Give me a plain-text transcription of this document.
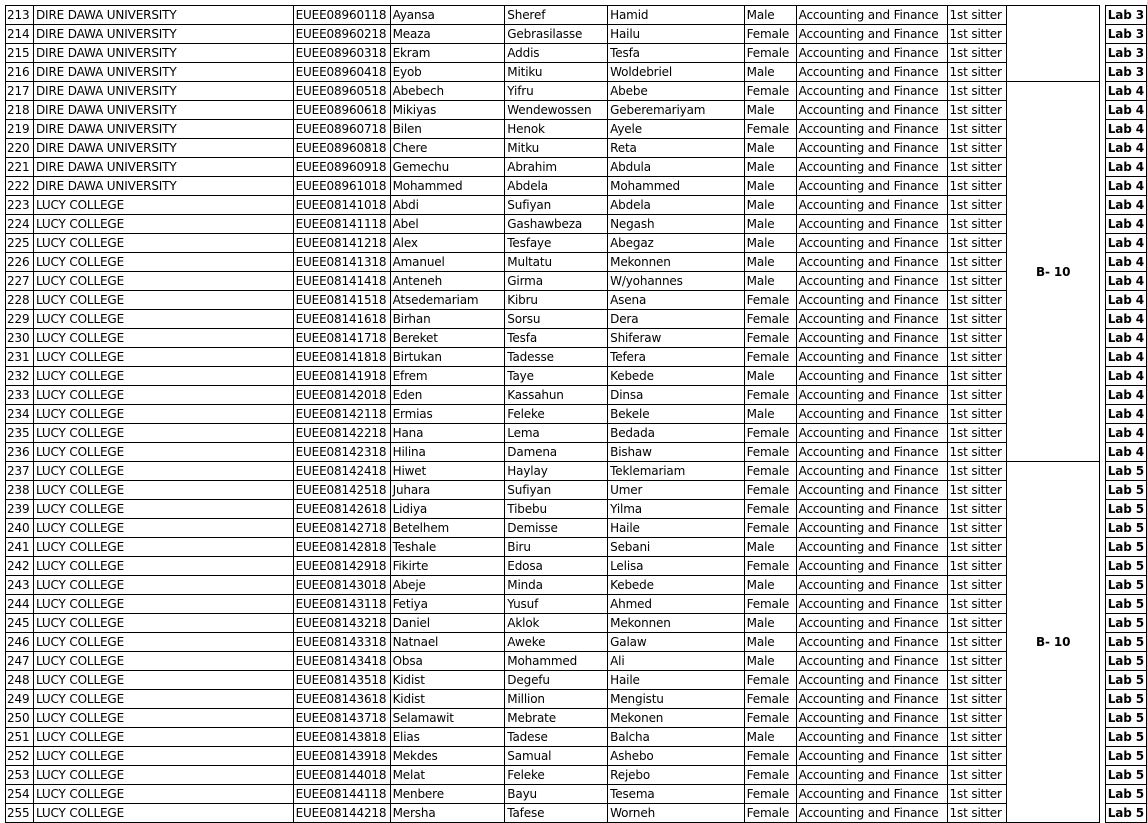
213	DIRE DAWA UNIVERSITY	EUEE08960118	Ayansa	Sheref	Hamid	Male	Accounting and Finance	1st sitter			Lab 3
214	DIRE DAWA UNIVERSITY	EUEE08960218	Meaza	Gebrasilasse	Hailu	Female	Accounting and Finance	1st sitter			Lab 3
215	DIRE DAWA UNIVERSITY	EUEE08960318	Ekram	Addis	Tesfa	Female	Accounting and Finance	1st sitter			Lab 3
216	DIRE DAWA UNIVERSITY	EUEE08960418	Eyob	Mitiku	Woldebriel	Male	Accounting and Finance	1st sitter			Lab 3
217	DIRE DAWA UNIVERSITY	EUEE08960518	Abebech	Yifru	Abebe	Female	Accounting and Finance	1st sitter	B- 10		Lab 4
218	DIRE DAWA UNIVERSITY	EUEE08960618	Mikiyas	Wendewossen	Geberemariyam	Male	Accounting and Finance	1st sitter			Lab 4
219	DIRE DAWA UNIVERSITY	EUEE08960718	Bilen	Henok	Ayele	Female	Accounting and Finance	1st sitter			Lab 4
220	DIRE DAWA UNIVERSITY	EUEE08960818	Chere	Mitku	Reta	Male	Accounting and Finance	1st sitter			Lab 4
221	DIRE DAWA UNIVERSITY	EUEE08960918	Gemechu	Abrahim	Abdula	Male	Accounting and Finance	1st sitter			Lab 4
222	DIRE DAWA UNIVERSITY	EUEE08961018	Mohammed	Abdela	Mohammed	Male	Accounting and Finance	1st sitter			Lab 4
223	LUCY COLLEGE	EUEE08141018	Abdi	Sufiyan	Abdela	Male	Accounting and Finance	1st sitter			Lab 4
224	LUCY COLLEGE	EUEE08141118	Abel	Gashawbeza	Negash	Male	Accounting and Finance	1st sitter			Lab 4
225	LUCY COLLEGE	EUEE08141218	Alex	Tesfaye	Abegaz	Male	Accounting and Finance	1st sitter			Lab 4
226	LUCY COLLEGE	EUEE08141318	Amanuel	Multatu	Mekonnen	Male	Accounting and Finance	1st sitter			Lab 4
227	LUCY COLLEGE	EUEE08141418	Anteneh	Girma	W/yohannes	Male	Accounting and Finance	1st sitter			Lab 4
228	LUCY COLLEGE	EUEE08141518	Atsedemariam	Kibru	Asena	Female	Accounting and Finance	1st sitter			Lab 4
229	LUCY COLLEGE	EUEE08141618	Birhan	Sorsu	Dera	Female	Accounting and Finance	1st sitter			Lab 4
230	LUCY COLLEGE	EUEE08141718	Bereket	Tesfa	Shiferaw	Female	Accounting and Finance	1st sitter			Lab 4
231	LUCY COLLEGE	EUEE08141818	Birtukan	Tadesse	Tefera	Female	Accounting and Finance	1st sitter			Lab 4
232	LUCY COLLEGE	EUEE08141918	Efrem	Taye	Kebede	Male	Accounting and Finance	1st sitter			Lab 4
233	LUCY COLLEGE	EUEE08142018	Eden	Kassahun	Dinsa	Female	Accounting and Finance	1st sitter			Lab 4
234	LUCY COLLEGE	EUEE08142118	Ermias	Feleke	Bekele	Male	Accounting and Finance	1st sitter			Lab 4
235	LUCY COLLEGE	EUEE08142218	Hana	Lema	Bedada	Female	Accounting and Finance	1st sitter			Lab 4
236	LUCY COLLEGE	EUEE08142318	Hilina	Damena	Bishaw	Female	Accounting and Finance	1st sitter			Lab 4
237	LUCY COLLEGE	EUEE08142418	Hiwet	Haylay	Teklemariam	Female	Accounting and Finance	1st sitter	B- 10		Lab 5
238	LUCY COLLEGE	EUEE08142518	Juhara	Sufiyan	Umer	Female	Accounting and Finance	1st sitter			Lab 5
239	LUCY COLLEGE	EUEE08142618	Lidiya	Tibebu	Yilma	Female	Accounting and Finance	1st sitter			Lab 5
240	LUCY COLLEGE	EUEE08142718	Betelhem	Demisse	Haile	Female	Accounting and Finance	1st sitter			Lab 5
241	LUCY COLLEGE	EUEE08142818	Teshale	Biru	Sebani	Male	Accounting and Finance	1st sitter			Lab 5
242	LUCY COLLEGE	EUEE08142918	Fikirte	Edosa	Lelisa	Female	Accounting and Finance	1st sitter			Lab 5
243	LUCY COLLEGE	EUEE08143018	Abeje	Minda	Kebede	Male	Accounting and Finance	1st sitter			Lab 5
244	LUCY COLLEGE	EUEE08143118	Fetiya	Yusuf	Ahmed	Female	Accounting and Finance	1st sitter			Lab 5
245	LUCY COLLEGE	EUEE08143218	Daniel	Aklok	Mekonnen	Male	Accounting and Finance	1st sitter			Lab 5
246	LUCY COLLEGE	EUEE08143318	Natnael	Aweke	Galaw	Male	Accounting and Finance	1st sitter			Lab 5
247	LUCY COLLEGE	EUEE08143418	Obsa	Mohammed	Ali	Male	Accounting and Finance	1st sitter			Lab 5
248	LUCY COLLEGE	EUEE08143518	Kidist	Degefu	Haile	Female	Accounting and Finance	1st sitter			Lab 5
249	LUCY COLLEGE	EUEE08143618	Kidist	Million	Mengistu	Female	Accounting and Finance	1st sitter			Lab 5
250	LUCY COLLEGE	EUEE08143718	Selamawit	Mebrate	Mekonen	Female	Accounting and Finance	1st sitter			Lab 5
251	LUCY COLLEGE	EUEE08143818	Elias	Tadese	Balcha	Male	Accounting and Finance	1st sitter			Lab 5
252	LUCY COLLEGE	EUEE08143918	Mekdes	Samual	Ashebo	Female	Accounting and Finance	1st sitter			Lab 5
253	LUCY COLLEGE	EUEE08144018	Melat	Feleke	Rejebo	Female	Accounting and Finance	1st sitter			Lab 5
254	LUCY COLLEGE	EUEE08144118	Menbere	Bayu	Tesema	Female	Accounting and Finance	1st sitter			Lab 5
255	LUCY COLLEGE	EUEE08144218	Mersha	Tafese	Worneh	Female	Accounting and Finance	1st sitter			Lab 5
